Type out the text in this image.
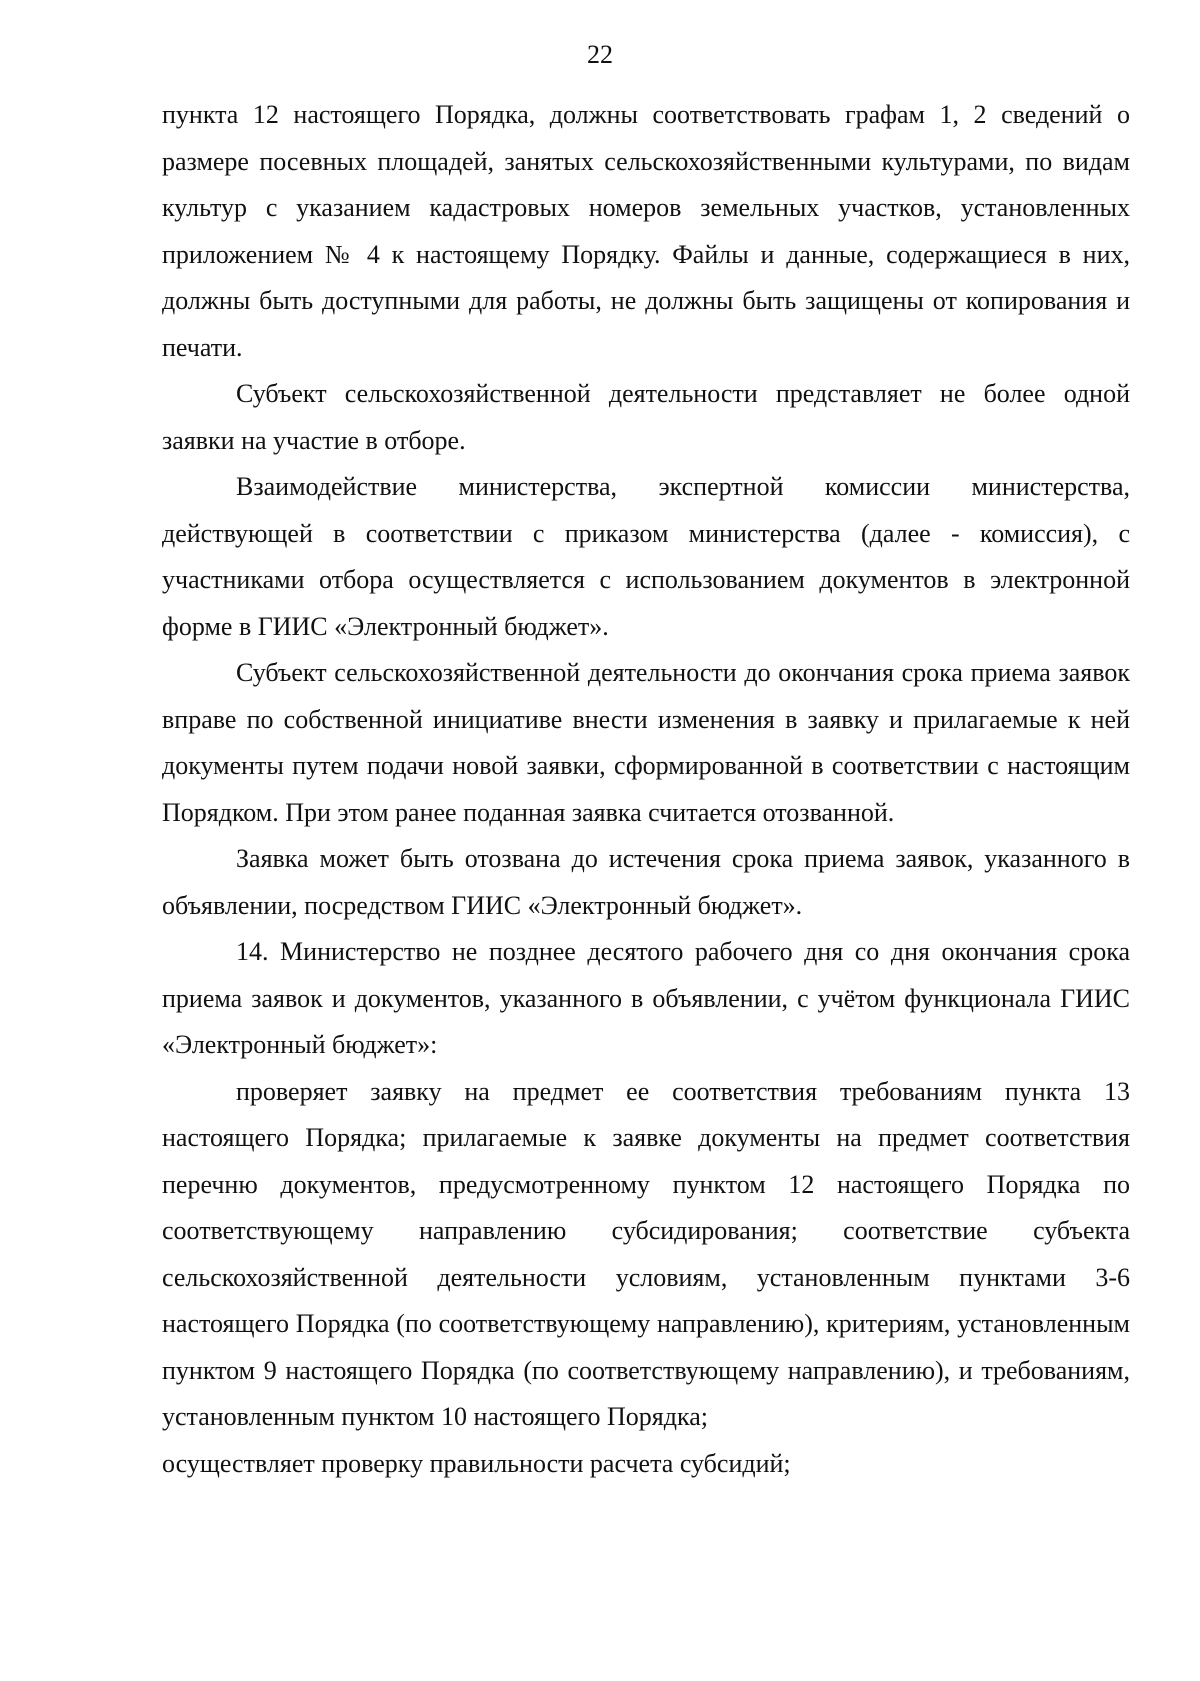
22

пункта 12 настоящего Порядка, должны соответствовать графам 1, 2 сведений о размере посевных площадей, занятых сельскохозяйственными культурами, по видам культур с указанием кадастровых номеров земельных участков, установленных приложением № 4 к настоящему Порядку. Файлы и данные, содержащиеся в них, должны быть доступными для работы, не должны быть защищены от копирования и печати.

Субъект сельскохозяйственной деятельности представляет не более одной заявки на участие в отборе.

Взаимодействие министерства, экспертной комиссии министерства, действующей в соответствии с приказом министерства (далее - комиссия), с участниками отбора осуществляется с использованием документов в электронной форме в ГИИС «Электронный бюджет».

Субъект сельскохозяйственной деятельности до окончания срока приема заявок вправе по собственной инициативе внести изменения в заявку и прилагаемые к ней документы путем подачи новой заявки, сформированной в соответствии с настоящим Порядком. При этом ранее поданная заявка считается отозванной.

Заявка может быть отозвана до истечения срока приема заявок, указанного в объявлении, посредством ГИИС «Электронный бюджет».

14. Министерство не позднее десятого рабочего дня со дня окончания срока приема заявок и документов, указанного в объявлении, с учётом функционала ГИИС «Электронный бюджет»:

проверяет заявку на предмет ее соответствия требованиям пункта 13 настоящего Порядка; прилагаемые к заявке документы на предмет соответствия перечню документов, предусмотренному пунктом 12 настоящего Порядка по соответствующему направлению субсидирования; соответствие субъекта сельскохозяйственной деятельности условиям, установленным пунктами 3-6 настоящего Порядка (по соответствующему направлению), критериям, установленным пунктом 9 настоящего Порядка (по соответствующему направлению), и требованиям, установленным пунктом 10 настоящего Порядка;

осуществляет проверку правильности расчета субсидий;
